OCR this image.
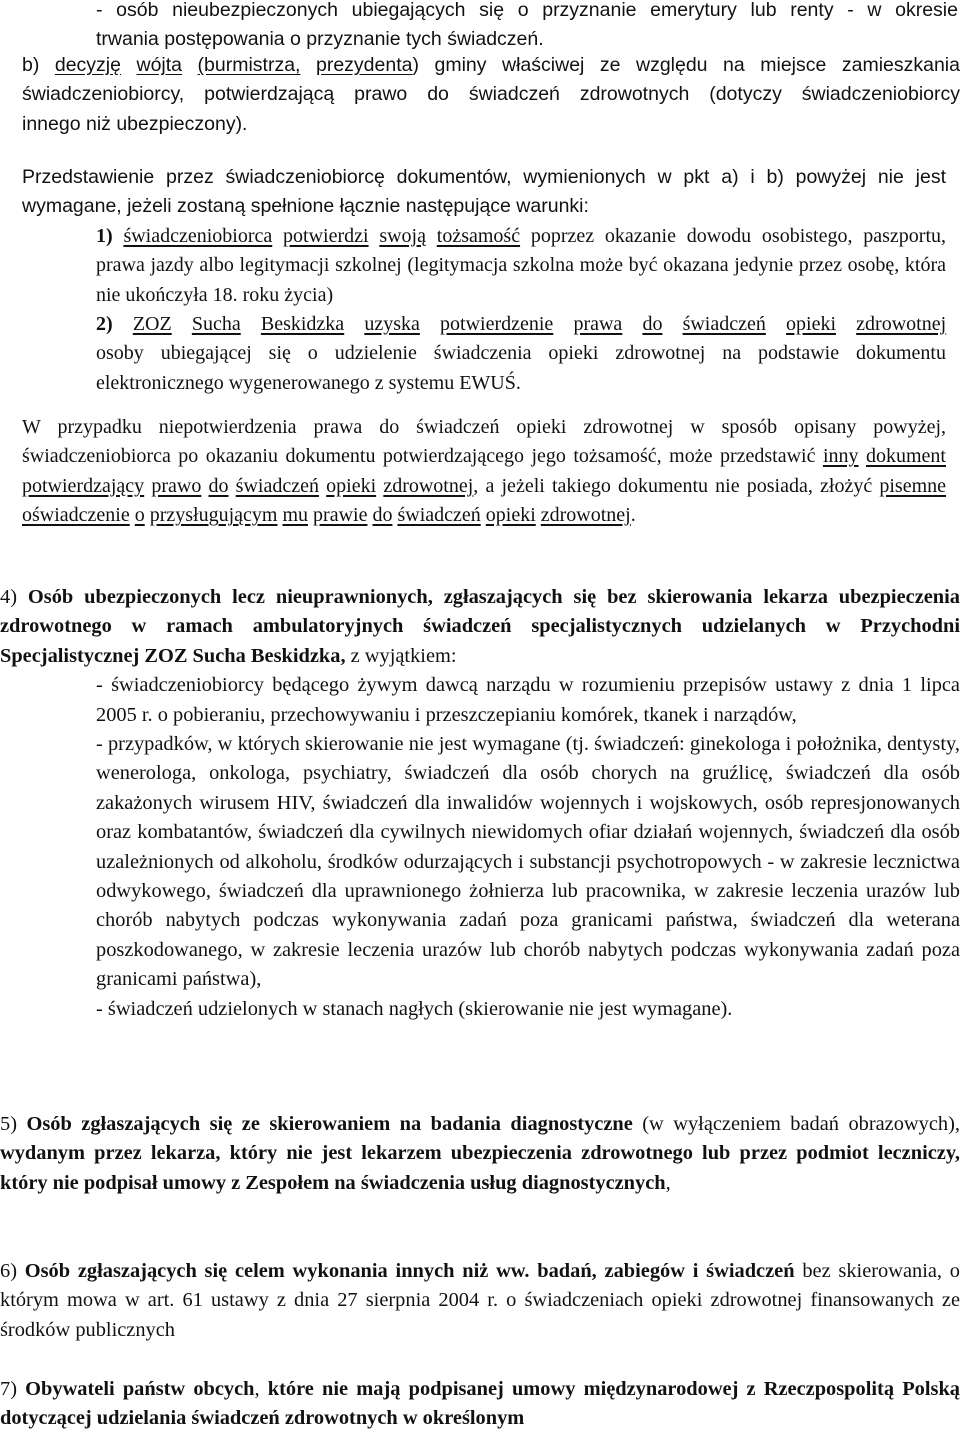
- osób nieubezpieczonych ubiegających się o przyznanie emerytury lub renty - w okresie
trwania postępowania o przyznanie tych świadczeń.
b) decyzję wójta (burmistrza, prezydenta) gminy właściwej ze względu na miejsce zamieszkania
świadczeniobiorcy, potwierdzającą prawo do świadczeń zdrowotnych (dotyczy świadczeniobiorcy
innego niż ubezpieczony).
Przedstawienie przez świadczeniobiorcę dokumentów, wymienionych w pkt a) i b) powyżej nie jest wymagane, jeżeli zostaną spełnione łącznie następujące warunki:
1) świadczeniobiorca potwierdzi swoją tożsamość poprzez okazanie dowodu osobistego, paszportu, prawa jazdy albo legitymacji szkolnej (legitymacja szkolna może być okazana jedynie przez osobę, która nie ukończyła 18. roku życia)
2) ZOZ Sucha Beskidzka uzyska potwierdzenie prawa do świadczeń opieki zdrowotnej
osoby ubiegającej się o udzielenie świadczenia opieki zdrowotnej na podstawie dokumentu elektronicznego wygenerowanego z systemu EWUŚ.
W przypadku niepotwierdzenia prawa do świadczeń opieki zdrowotnej w sposób opisany powyżej, świadczeniobiorca po okazaniu dokumentu potwierdzającego jego tożsamość, może przedstawić inny dokument potwierdzający prawo do świadczeń opieki zdrowotnej, a jeżeli takiego dokumentu nie posiada, złożyć pisemne oświadczenie o przysługującym mu prawie do świadczeń opieki zdrowotnej.
4) Osób ubezpieczonych lecz nieuprawnionych, zgłaszających się bez skierowania lekarza ubezpieczenia zdrowotnego w ramach ambulatoryjnych świadczeń specjalistycznych udzielanych w Przychodni Specjalistycznej ZOZ Sucha Beskidzka, z wyjątkiem:
- świadczeniobiorcy będącego żywym dawcą narządu w rozumieniu przepisów ustawy z dnia 1 lipca 2005 r. o pobieraniu, przechowywaniu i przeszczepianiu komórek, tkanek i narządów,
- przypadków, w których skierowanie nie jest wymagane (tj. świadczeń: ginekologa i położnika, dentysty, wenerologa, onkologa, psychiatry, świadczeń dla osób chorych na gruźlicę, świadczeń dla osób zakażonych wirusem HIV, świadczeń dla inwalidów wojennych i wojskowych, osób represjonowanych oraz kombatantów, świadczeń dla cywilnych niewidomych ofiar działań wojennych, świadczeń dla osób uzależnionych od alkoholu, środków odurzających i substancji psychotropowych - w zakresie lecznictwa odwykowego, świadczeń dla uprawnionego żołnierza lub pracownika, w zakresie leczenia urazów lub chorób nabytych podczas wykonywania zadań poza granicami państwa, świadczeń dla weterana poszkodowanego, w zakresie leczenia urazów lub chorób nabytych podczas wykonywania zadań poza granicami państwa),
- świadczeń udzielonych w stanach nagłych (skierowanie nie jest wymagane).
5) Osób zgłaszających się ze skierowaniem na badania diagnostyczne (w wyłączeniem badań obrazowych), wydanym przez lekarza, który nie jest lekarzem ubezpieczenia zdrowotnego lub przez podmiot leczniczy, który nie podpisał umowy z Zespołem na świadczenia usług diagnostycznych,
6) Osób zgłaszających się celem wykonania innych niż ww. badań, zabiegów i świadczeń bez skierowania, o którym mowa w art. 61 ustawy z dnia 27 sierpnia 2004 r. o świadczeniach opieki zdrowotnej finansowanych ze środków publicznych
7) Obywateli państw obcych, które nie mają podpisanej umowy międzynarodowej z Rzeczpospolitą Polską dotyczącej udzielania świadczeń zdrowotnych w określonym
